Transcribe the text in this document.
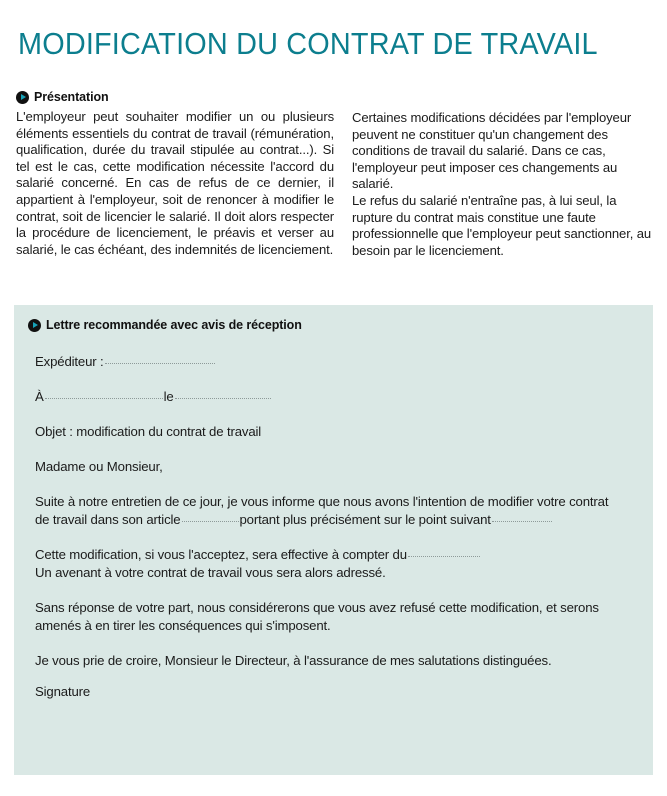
MODIFICATION DU CONTRAT DE TRAVAIL
Présentation

L'employeur peut souhaiter modifier un ou plusieurs éléments essentiels du contrat de travail (rémunération, qualification, durée du travail stipulée au contrat...). Si tel est le cas, cette modification nécessite l'accord du salarié concerné. En cas de refus de ce dernier, il appartient à l'employeur, soit de renoncer à modifier le contrat, soit de licencier le salarié. Il doit alors respecter la procédure de licenciement, le préavis et verser au salarié, le cas échéant, des indemnités de licenciement.

Certaines modifications décidées par l'employeur peuvent ne constituer qu'un changement des conditions de travail du salarié. Dans ce cas, l'employeur peut imposer ces changements au salarié.

Le refus du salarié n'entraîne pas, à lui seul, la rupture du contrat mais constitue une faute professionnelle que l'employeur peut sanctionner, au besoin par le licenciement.

Lettre recommandée avec avis de réception
Expéditeur :
À	le
Objet : modification du contrat de travail
Madame ou Monsieur,
Suite à notre entretien de ce jour, je vous informe que nous avons l'intention de modifier votre contrat
de travail dans son article	portant plus précisément sur le point suivant
Cette modification, si vous l'acceptez, sera effective à compter du
Un avenant à votre contrat de travail vous sera alors adressé.
Sans réponse de votre part, nous considérerons que vous avez refusé cette modification, et serons
amenés à en tirer les conséquences qui s'imposent.
Je vous prie de croire, Monsieur le Directeur, à l'assurance de mes salutations distinguées.
Signature
